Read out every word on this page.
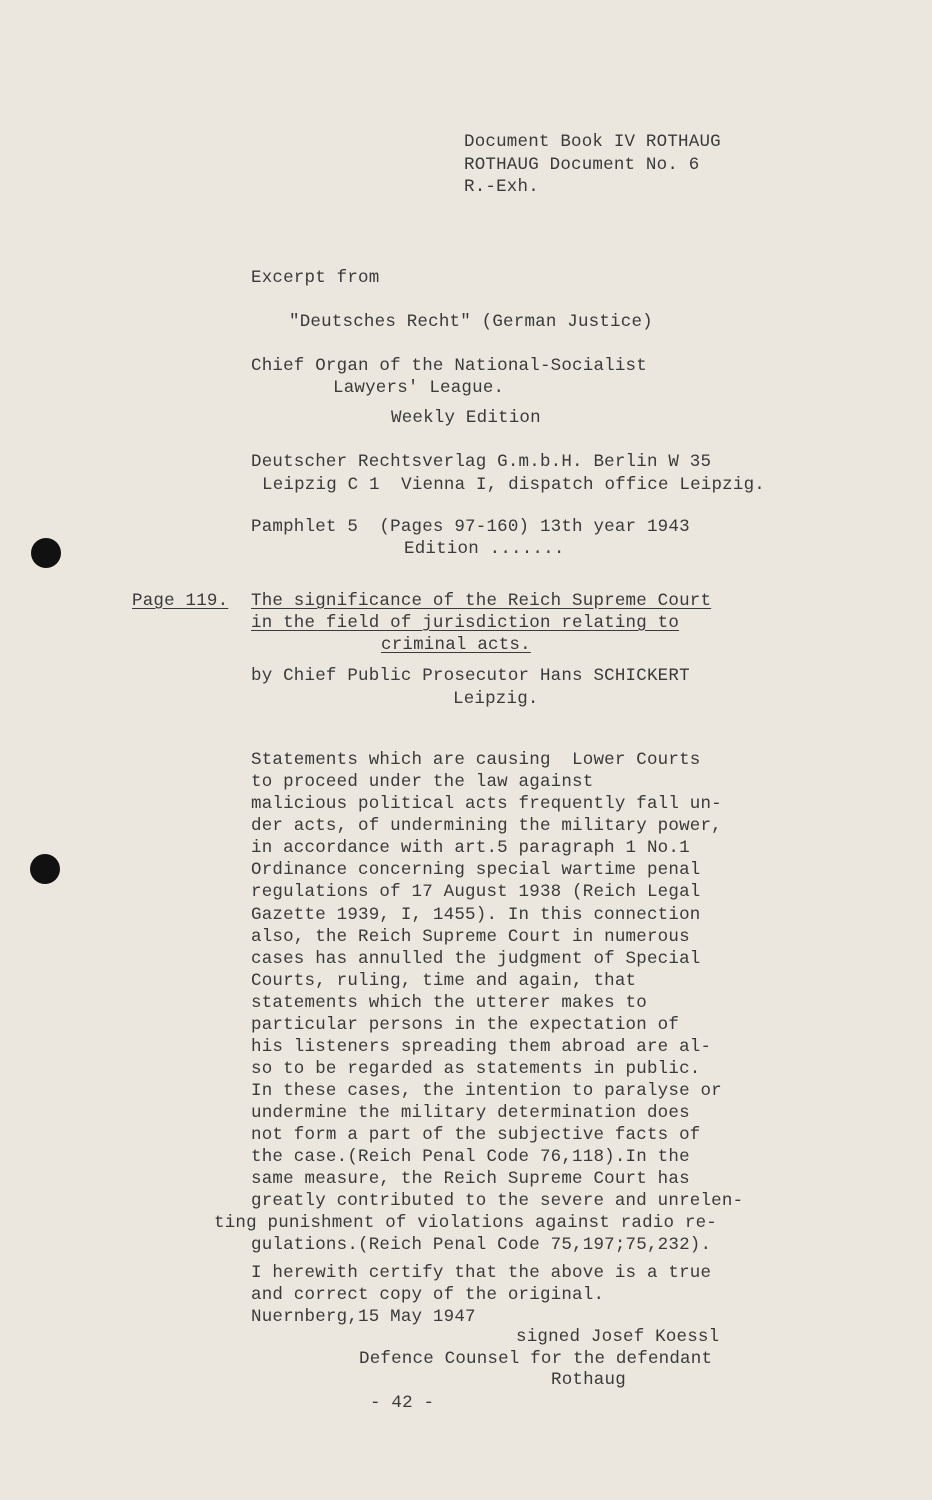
Document Book IV ROTHAUG
ROTHAUG Document No. 6
R.-Exh.
Excerpt from
"Deutsches Recht" (German Justice)
Chief Organ of the National-Socialist
Lawyers' League.
Weekly Edition
Deutscher Rechtsverlag G.m.b.H. Berlin W 35
Leipzig C 1  Vienna I, dispatch office Leipzig.
Pamphlet 5  (Pages 97-160) 13th year 1943
Edition .......
Page 119. The significance of the Reich Supreme Court
in the field of jurisdiction relating to
criminal acts.
by Chief Public Prosecutor Hans SCHICKERT
Leipzig.
Statements which are causing  Lower Courts
to proceed under the law against
malicious political acts frequently fall un-
der acts, of undermining the military power,
in accordance with art.5 paragraph 1 No.1
Ordinance concerning special wartime penal
regulations of 17 August 1938 (Reich Legal
Gazette 1939, I, 1455). In this connection
also, the Reich Supreme Court in numerous
cases has annulled the judgment of Special
Courts, ruling, time and again, that
statements which the utterer makes to
particular persons in the expectation of
his listeners spreading them abroad are al-
so to be regarded as statements in public.
In these cases, the intention to paralyse or
undermine the military determination does
not form a part of the subjective facts of
the case.(Reich Penal Code 76,118).In the
same measure, the Reich Supreme Court has
greatly contributed to the severe and unrelen-
ting punishment of violations against radio re-
gulations.(Reich Penal Code 75,197;75,232).
I herewith certify that the above is a true
and correct copy of the original.
Nuernberg,15 May 1947
signed Josef Koessl
Defence Counsel for the defendant
Rothaug
- 42 -
